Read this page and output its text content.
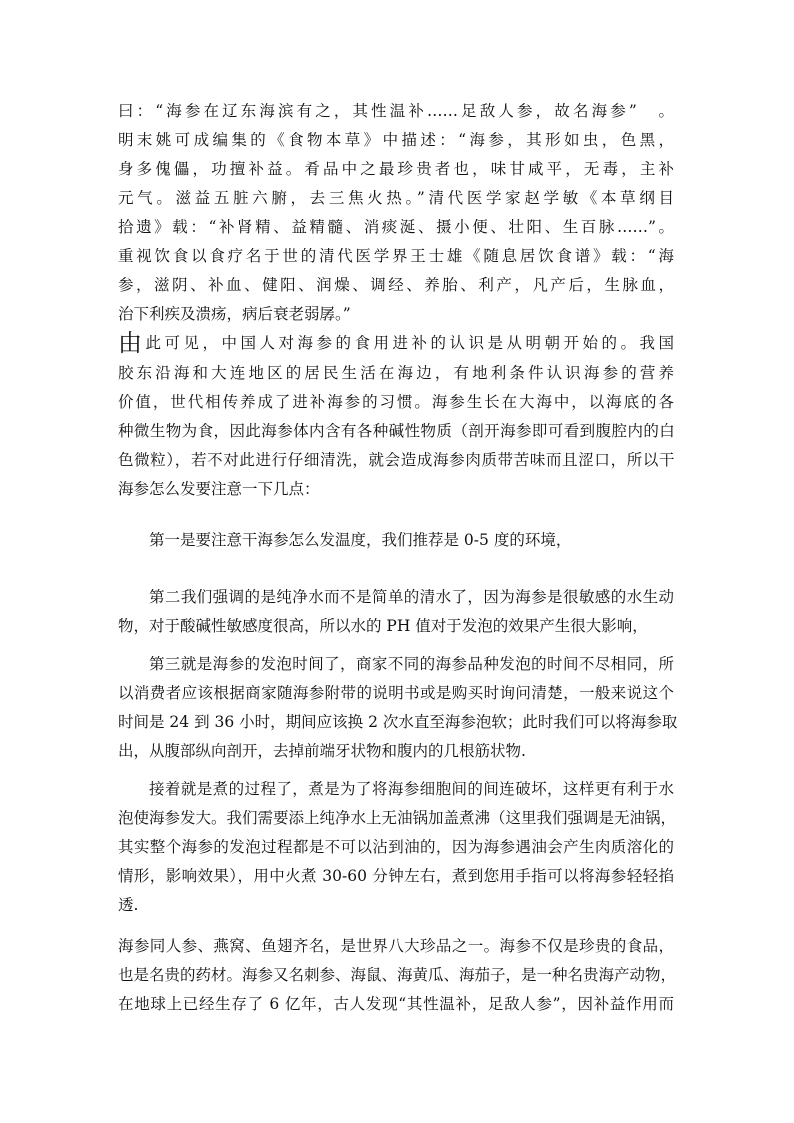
曰：“海参在辽东海滨有之，其性温补……足敌人参，故名海参”　。
明末姚可成编集的《食物本草》中描述：“海参，其形如虫，色黑，
身多傀儡，功擅补益。肴品中之最珍贵者也，味甘咸平，无毒，主补
元气。滋益五脏六腑，去三焦火热。”清代医学家赵学敏《本草纲目
拾遗》载：“补肾精、益精髓、消痰涎、摄小便、壮阳、生百脉……”。
重视饮食以食疗名于世的清代医学界王士雄《随息居饮食谱》载：“海
参，滋阴、补血、健阳、润燥、调经、养胎、利产，凡产后，生脉血，
治下利疾及溃疡，病后衰老弱孱。”
由此可见，中国人对海参的食用进补的认识是从明朝开始的。我国
胶东沿海和大连地区的居民生活在海边，有地利条件认识海参的营养
价值，世代相传养成了进补海参的习惯。海参生长在大海中，以海底的各
种微生物为食，因此海参体内含有各种碱性物质（剖开海参即可看到腹腔内的白
色微粒），若不对此进行仔细清洗，就会造成海参肉质带苦味而且涩口，所以干
海参怎么发要注意一下几点：
第一是要注意干海参怎么发温度，我们推荐是 0-5 度的环境，
第二我们强调的是纯净水而不是简单的清水了，因为海参是很敏感的水生动
物，对于酸碱性敏感度很高，所以水的 PH 值对于发泡的效果产生很大影响，
第三就是海参的发泡时间了，商家不同的海参品种发泡的时间不尽相同，所
以消费者应该根据商家随海参附带的说明书或是购买时询问清楚，一般来说这个
时间是 24 到 36 小时，期间应该换 2 次水直至海参泡软；此时我们可以将海参取
出，从腹部纵向剖开，去掉前端牙状物和腹内的几根筋状物.
接着就是煮的过程了，煮是为了将海参细胞间的间连破坏，这样更有利于水
泡使海参发大。我们需要添上纯净水上无油锅加盖煮沸（这里我们强调是无油锅，
其实整个海参的发泡过程都是不可以沾到油的，因为海参遇油会产生肉质溶化的
情形，影响效果），用中火煮 30-60 分钟左右，煮到您用手指可以将海参轻轻掐
透.
海参同人参、燕窝、鱼翅齐名，是世界八大珍品之一。海参不仅是珍贵的食品，
也是名贵的药材。海参又名刺参、海鼠、海黄瓜、海茄子，是一种名贵海产动物，
在地球上已经生存了 6 亿年，古人发现“其性温补，足敌人参”，因补益作用而
